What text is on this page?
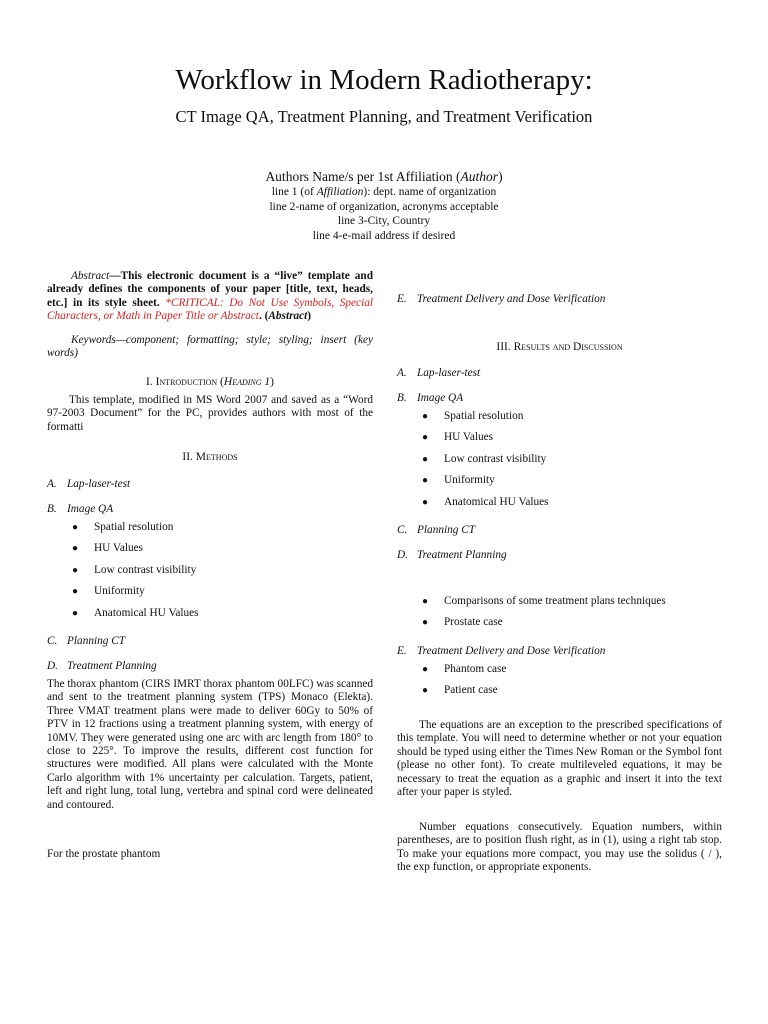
Workflow in Modern Radiotherapy:
CT Image QA, Treatment Planning, and Treatment Verification
Authors Name/s per 1st Affiliation (Author)
line 1 (of Affiliation): dept. name of organization
line 2-name of organization, acronyms acceptable
line 3-City, Country
line 4-e-mail address if desired
Abstract—This electronic document is a “live” template and already defines the components of your paper [title, text, heads, etc.] in its style sheet. *CRITICAL: Do Not Use Symbols, Special Characters, or Math in Paper Title or Abstract. (Abstract)
Keywords—component; formatting; style; styling; insert (key words)
I. Introduction (Heading 1)
This template, modified in MS Word 2007 and saved as a “Word 97-2003 Document” for the PC, provides authors with most of the formatti
II. Methods
A. Lap-laser-test
B. Image QA
● Spatial resolution
● HU Values
● Low contrast visibility
● Uniformity
● Anatomical HU Values
C. Planning CT
D. Treatment Planning
The thorax phantom (CIRS IMRT thorax phantom 00LFC) was scanned and sent to the treatment planning system (TPS) Monaco (Elekta). Three VMAT treatment plans were made to deliver 60Gy to 50% of PTV in 12 fractions using a treatment planning system, with energy of 10MV. They were generated using one arc with arc length from 180° to close to 225°. To improve the results, different cost function for structures were modified. All plans were calculated with the Monte Carlo algorithm with 1% uncertainty per calculation. Targets, patient, left and right lung, total lung, vertebra and spinal cord were delineated and contoured.
For the prostate phantom
E. Treatment Delivery and Dose Verification
III. Results and Discussion
A. Lap-laser-test
B. Image QA
● Spatial resolution
● HU Values
● Low contrast visibility
● Uniformity
● Anatomical HU Values
C. Planning CT
D. Treatment Planning
● Comparisons of some treatment plans techniques
● Prostate case
E. Treatment Delivery and Dose Verification
● Phantom case
● Patient case
The equations are an exception to the prescribed specifications of this template. You will need to determine whether or not your equation should be typed using either the Times New Roman or the Symbol font (please no other font). To create multileveled equations, it may be necessary to treat the equation as a graphic and insert it into the text after your paper is styled.
Number equations consecutively. Equation numbers, within parentheses, are to position flush right, as in (1), using a right tab stop. To make your equations more compact, you may use the solidus ( / ), the exp function, or appropriate exponents.
